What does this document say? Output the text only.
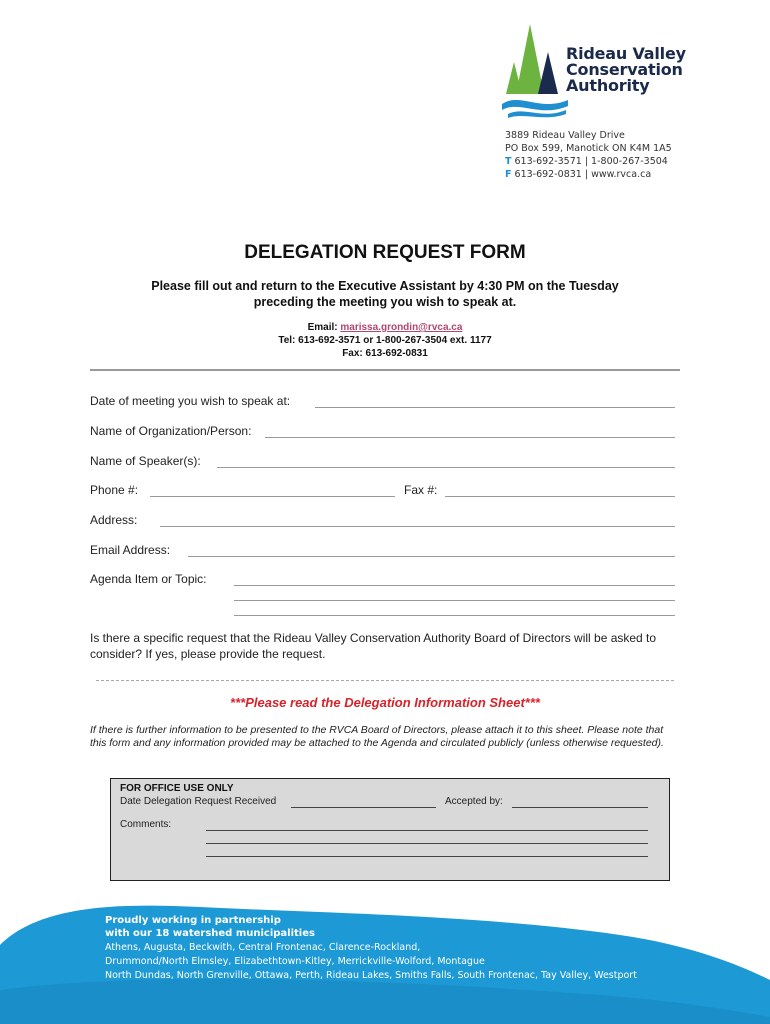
Rideau Valley
Conservation
Authority
3889 Rideau Valley Drive
PO Box 599, Manotick ON K4M 1A5
T 613-692-3571 | 1-800-267-3504
F 613-692-0831 | www.rvca.ca
DELEGATION REQUEST FORM
Please fill out and return to the Executive Assistant by 4:30 PM on the Tuesday
preceding the meeting you wish to speak at.
Email: marissa.grondin@rvca.ca
Tel: 613-692-3571 or 1-800-267-3504 ext. 1177
Fax: 613-692-0831
Date of meeting you wish to speak at:
Name of Organization/Person:
Name of Speaker(s):
Phone #:	Fax #:
Address:
Email Address:
Agenda Item or Topic:
Is there a specific request that the Rideau Valley Conservation Authority Board of Directors will be asked to consider? If yes, please provide the request.
***Please read the Delegation Information Sheet***
If there is further information to be presented to the RVCA Board of Directors, please attach it to this sheet. Please note that this form and any information provided may be attached to the Agenda and circulated publicly (unless otherwise requested).
FOR OFFICE USE ONLY
Date Delegation Request Received	Accepted by:
Comments:
Proudly working in partnership
with our 18 watershed municipalities
Athens, Augusta, Beckwith, Central Frontenac, Clarence-Rockland,
Drummond/North Elmsley, Elizabethtown-Kitley, Merrickville-Wolford, Montague
North Dundas, North Grenville, Ottawa, Perth, Rideau Lakes, Smiths Falls, South Frontenac, Tay Valley, Westport
